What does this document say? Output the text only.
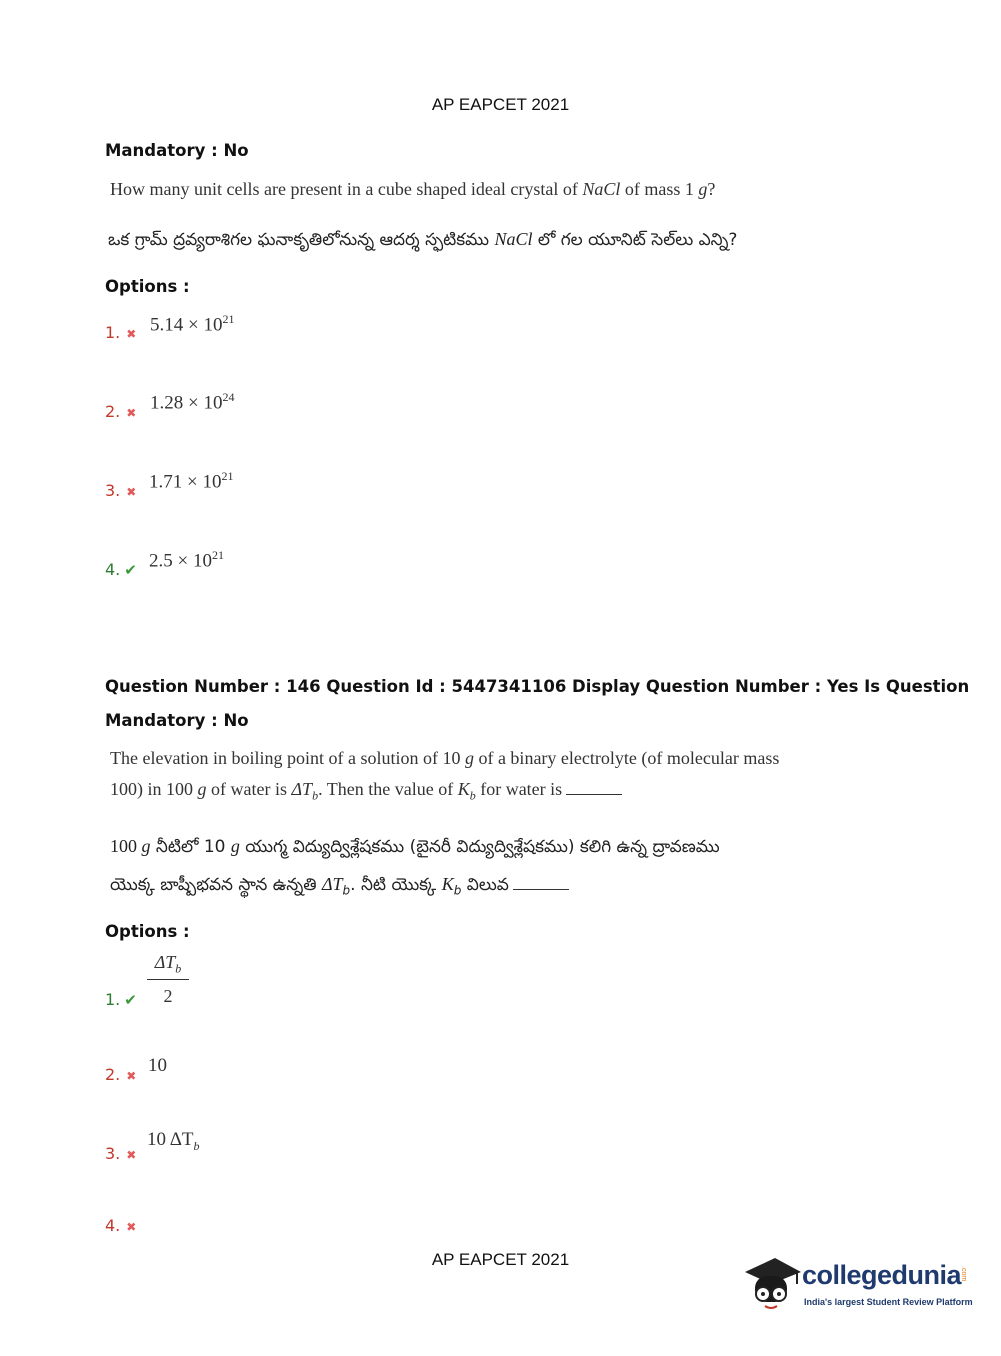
AP EAPCET 2021
Mandatory : No
How many unit cells are present in a cube shaped ideal crystal of NaCl of mass 1 g?
ఒక గ్రామ్ ద్రవ్యరాశిగల ఘనాకృతిలోనున్న ఆదర్శ స్ఫటికము NaCl లో గల యూనిట్ సెల్‌లు ఎన్ని?
Options :
1. ✖ $5.14 \times 10^{21}$
2. ✖ $1.28 \times 10^{24}$
3. ✖ $1.71 \times 10^{21}$
4. ✔ $2.5 \times 10^{21}$
Question Number : 146 Question Id : 5447341106 Display Question Number : Yes Is Question
Mandatory : No
The elevation in boiling point of a solution of 10 g of a binary electrolyte (of molecular mass
100) in 100 g of water is $\Delta T_b$. Then the value of $K_b$ for water is
100 g నీటిలో 10 g యుగ్మ విద్యుద్విశ్లేషకము (బైనరీ విద్యుద్విశ్లేషకము) కలిగి ఉన్న ద్రావణము
యొక్క బాష్పీభవన స్థాన ఉన్నతి $\Delta T_b$. నీటి యొక్క $K_b$ విలువ
Options :
$\Delta T_b$
2
1. ✔
2. ✖ 10
3. ✖
10 $\Delta T_b$
4. ✖
AP EAPCET 2021
collegedunia
.com
India's largest Student Review Platform
